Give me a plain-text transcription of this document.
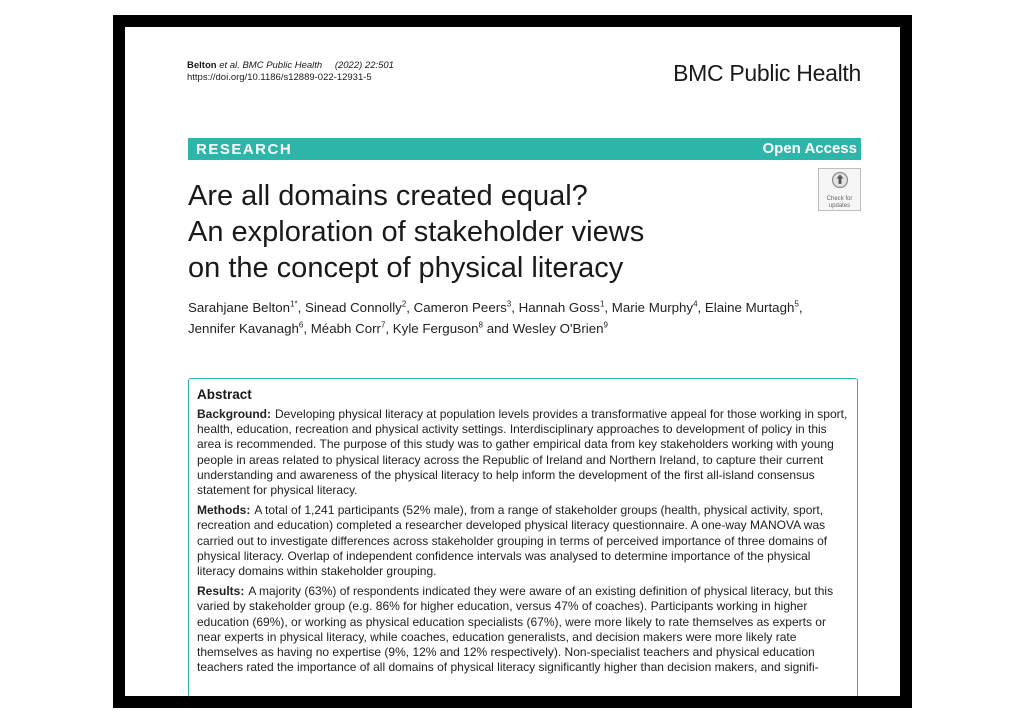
Belton et al. BMC Public Health (2022) 22:501
https://doi.org/10.1186/s12889-022-12931-5	BMC Public Health
RESEARCH	Open Access
Are all domains created equal?
An exploration of stakeholder views
on the concept of physical literacy
Check for
updates
Sarahjane Belton$^{1*}$, Sinead Connolly$^2$, Cameron Peers$^3$, Hannah Goss$^1$, Marie Murphy$^4$, Elaine Murtagh$^5$,
Jennifer Kavanagh$^6$, Méabh Corr$^7$, Kyle Ferguson$^8$ and Wesley O'Brien$^9$
Abstract

Background: Developing physical literacy at population levels provides a transformative appeal for those working in sport, health, education, recreation and physical activity settings. Interdisciplinary approaches to development of policy in this area is recommended. The purpose of this study was to gather empirical data from key stakeholders working with young people in areas related to physical literacy across the Republic of Ireland and Northern Ireland, to capture their current understanding and awareness of the physical literacy to help inform the development of the first all-island consensus statement for physical literacy.

Methods: A total of 1,241 participants (52% male), from a range of stakeholder groups (health, physical activity, sport, recreation and education) completed a researcher developed physical literacy questionnaire. A one-way MANOVA was carried out to investigate differences across stakeholder grouping in terms of perceived importance of three domains of physical literacy. Overlap of independent confidence intervals was analysed to determine importance of the physical literacy domains within stakeholder grouping.

Results: A majority (63%) of respondents indicated they were aware of an existing definition of physical literacy, but this varied by stakeholder group (e.g. 86% for higher education, versus 47% of coaches). Participants working in higher education (69%), or working as physical education specialists (67%), were more likely to rate themselves as experts or near experts in physical literacy, while coaches, education generalists, and decision makers were more likely rate themselves as having no expertise (9%, 12% and 12% respectively). Non-specialist teachers and physical education teachers rated the importance of all domains of physical literacy significantly higher than decision makers, and signifi-
